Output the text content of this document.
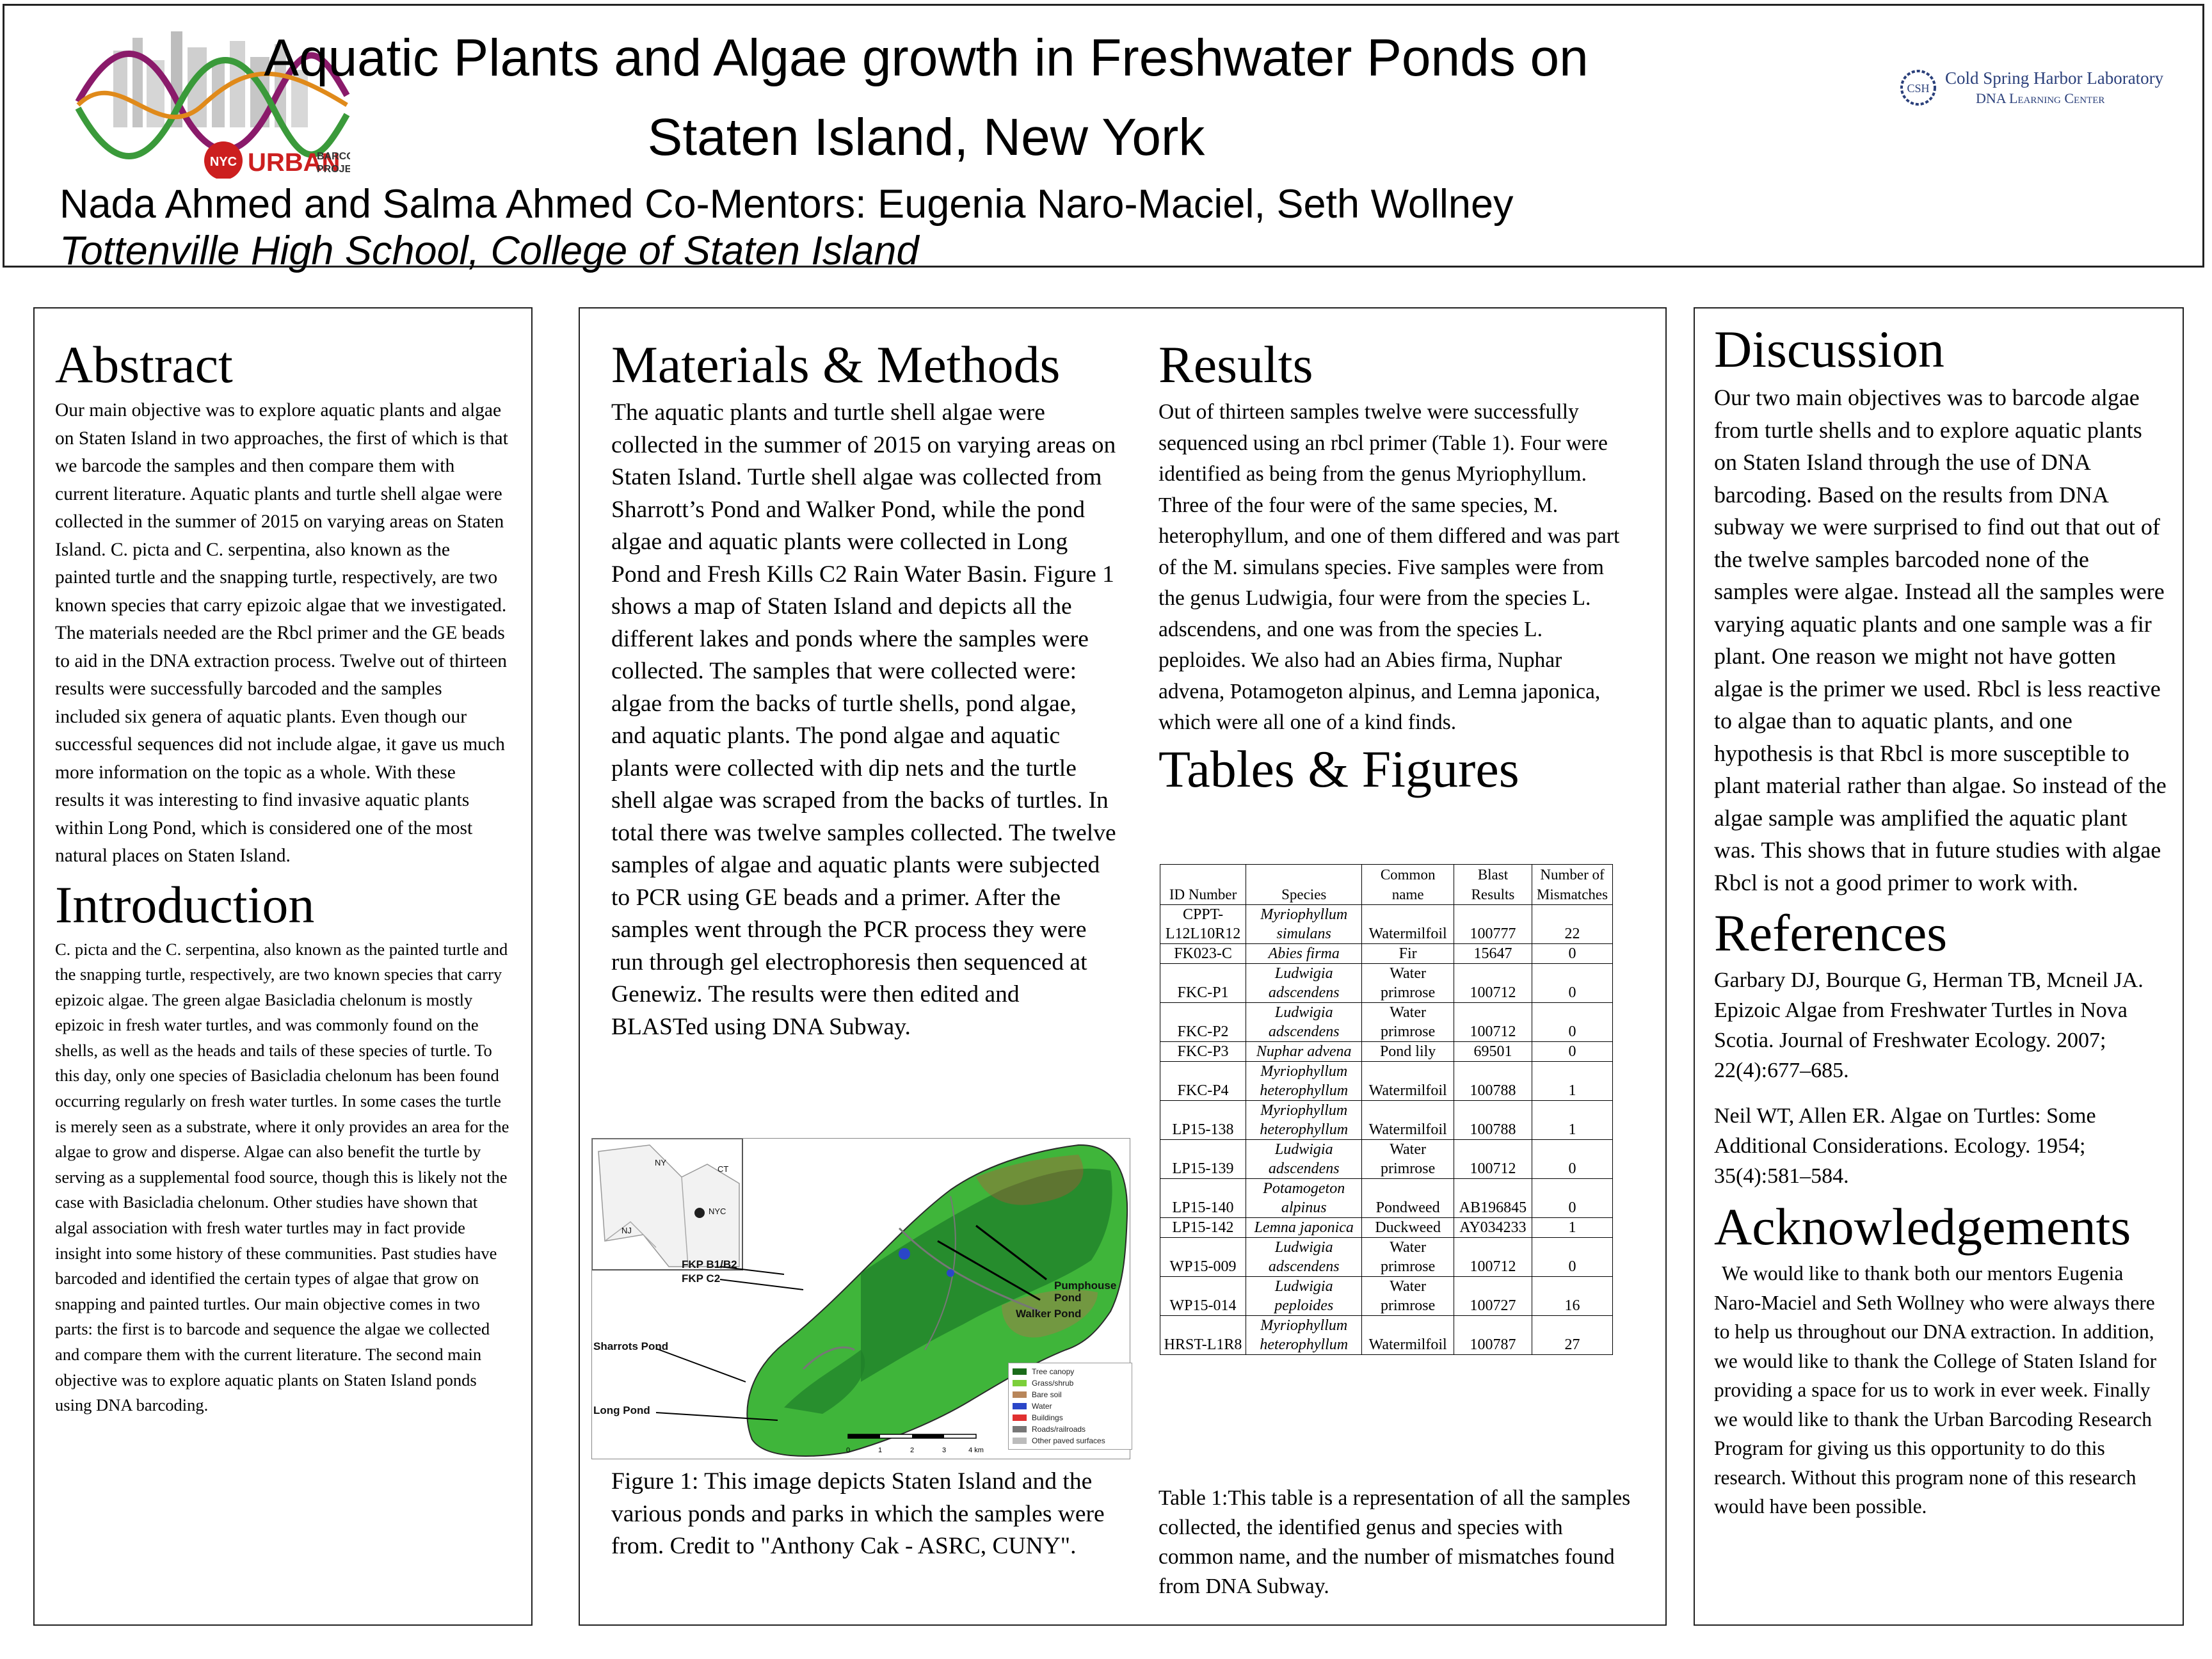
NYC URBAN
BARC
PROJE
Aquatic Plants and Algae growth in Freshwater Ponds on
Staten Island, New York
CSH
Cold Spring Harbor Laboratory
DNA Learning Center
Nada Ahmed and Salma Ahmed Co-Mentors: Eugenia Naro-Maciel, Seth Wollney
Tottenville High School, College of Staten Island
Abstract

Our main objective was to explore aquatic plants and algae on Staten Island in two approaches, the first of which is that we barcode the samples and then compare them with current literature. Aquatic plants and turtle shell algae were collected in the summer of 2015 on varying areas on Staten Island. C. picta and C. serpentina, also known as the painted turtle and the snapping turtle, respectively, are two known species that carry epizoic algae that we investigated. The materials needed are the Rbcl primer and the GE beads to aid in the DNA extraction process. Twelve out of thirteen results were successfully barcoded and the samples included six genera of aquatic plants. Even though our successful sequences did not include algae, it gave us much more information on the topic as a whole. With these results it was interesting to find invasive aquatic plants within Long Pond, which is considered one of the most natural places on Staten Island.

Introduction

C. picta and the C. serpentina, also known as the painted turtle and the snapping turtle, respectively, are two known species that carry epizoic algae. The green algae Basicladia chelonum is mostly epizoic in fresh water turtles, and was commonly found on the shells, as well as the heads and tails of these species of turtle. To this day, only one species of Basicladia chelonum has been found occurring regularly on fresh water turtles. In some cases the turtle is merely seen as a substrate, where it only provides an area for the algae to grow and disperse. Algae can also benefit the turtle by serving as a supplemental food source, though this is likely not the case with Basicladia chelonum. Other studies have shown that algal association with fresh water turtles may in fact provide insight into some history of these communities. Past studies have barcoded and identified the certain types of algae that grow on snapping and painted turtles. Our main objective comes in two parts: the first is to barcode and sequence the algae we collected and compare them with the current literature. The second main objective was to explore aquatic plants on Staten Island ponds using DNA barcoding.

Materials & Methods

The aquatic plants and turtle shell algae were collected in the summer of 2015 on varying areas on Staten Island. Turtle shell algae was collected from Sharrott’s Pond and Walker Pond, while the pond algae and aquatic plants were collected in Long Pond and Fresh Kills C2 Rain Water Basin. Figure 1 shows a map of Staten Island and depicts all the different lakes and ponds where the samples were collected. The samples that were collected were: algae from the backs of turtle shells, pond algae, and aquatic plants. The pond algae and aquatic plants were collected with dip nets and the turtle shell algae was scraped from the backs of turtles. In total there was twelve samples collected. The twelve samples of algae and aquatic plants were subjected to PCR using GE beads and a primer. After the samples went through the PCR process they were run through gel electrophoresis then sequenced at Genewiz. The results were then edited and BLASTed using DNA Subway.

NYC
NY
CT
NJ
0	1	2	3	4 km
FKP B1/B2
FKP C2
Pumphouse Pond
Walker Pond
Sharrots Pond
Long Pond
Tree canopy
Grass/shrub
Bare soil
Water
Buildings
Roads/railroads
Other paved surfaces

Figure 1: This image depicts Staten Island and the various ponds and parks in which the samples were from. Credit to "Anthony Cak - ASRC, CUNY".

Results

Out of thirteen samples twelve were successfully sequenced using an rbcl primer (Table 1). Four were identified as being from the genus Myriophyllum. Three of the four were of the same species, M. heterophyllum, and one of them differed and was part of the M. simulans species. Five samples were from the genus Ludwigia, four were from the species L. adscendens, and one was from the species L. peploides. We also had an Abies firma, Nuphar advena, Potamogeton alpinus, and Lemna japonica, which were all one of a kind finds.

Tables & Figures
ID Number	Species	Common name	Blast Results	Number of Mismatches
CPPT-L12L10R12	Myriophyllum simulans	Watermilfoil	100777	22
FK023-C	Abies firma	Fir	15647	0
FKC-P1	Ludwigia adscendens	Water primrose	100712	0
FKC-P2	Ludwigia adscendens	Water primrose	100712	0
FKC-P3	Nuphar advena	Pond lily	69501	0
FKC-P4	Myriophyllum heterophyllum	Watermilfoil	100788	1
LP15-138	Myriophyllum heterophyllum	Watermilfoil	100788	1
LP15-139	Ludwigia adscendens	Water primrose	100712	0
LP15-140	Potamogeton alpinus	Pondweed	AB196845	0
LP15-142	Lemna japonica	Duckweed	AY034233	1
WP15-009	Ludwigia adscendens	Water primrose	100712	0
WP15-014	Ludwigia peploides	Water primrose	100727	16
HRST-L1R8	Myriophyllum heterophyllum	Watermilfoil	100787	27

Table 1:This table is a representation of all the samples collected, the identified genus and species with common name, and the number of mismatches found from DNA Subway.

Discussion

Our two main objectives was to barcode algae from turtle shells and to explore aquatic plants on Staten Island through the use of DNA barcoding. Based on the results from DNA subway we were surprised to find out that out of the twelve samples barcoded none of the samples were algae. Instead all the samples were varying aquatic plants and one sample was a fir plant. One reason we might not have gotten algae is the primer we used. Rbcl is less reactive to algae than to aquatic plants, and one hypothesis is that Rbcl is more susceptible to plant material rather than algae. So instead of the algae sample was amplified the aquatic plant was. This shows that in future studies with algae Rbcl is not a good primer to work with.

References

Garbary DJ, Bourque G, Herman TB, Mcneil JA. Epizoic Algae from Freshwater Turtles in Nova Scotia. Journal of Freshwater Ecology. 2007; 22(4):677–685.

Neil WT, Allen ER. Algae on Turtles: Some Additional Considerations. Ecology. 1954; 35(4):581–584.

Acknowledgements

We would like to thank both our mentors Eugenia Naro-Maciel and Seth Wollney who were always there to help us throughout our DNA extraction. In addition, we would like to thank the College of Staten Island for providing a space for us to work in ever week. Finally we would like to thank the Urban Barcoding Research Program for giving us this opportunity to do this research. Without this program none of this research would have been possible.
